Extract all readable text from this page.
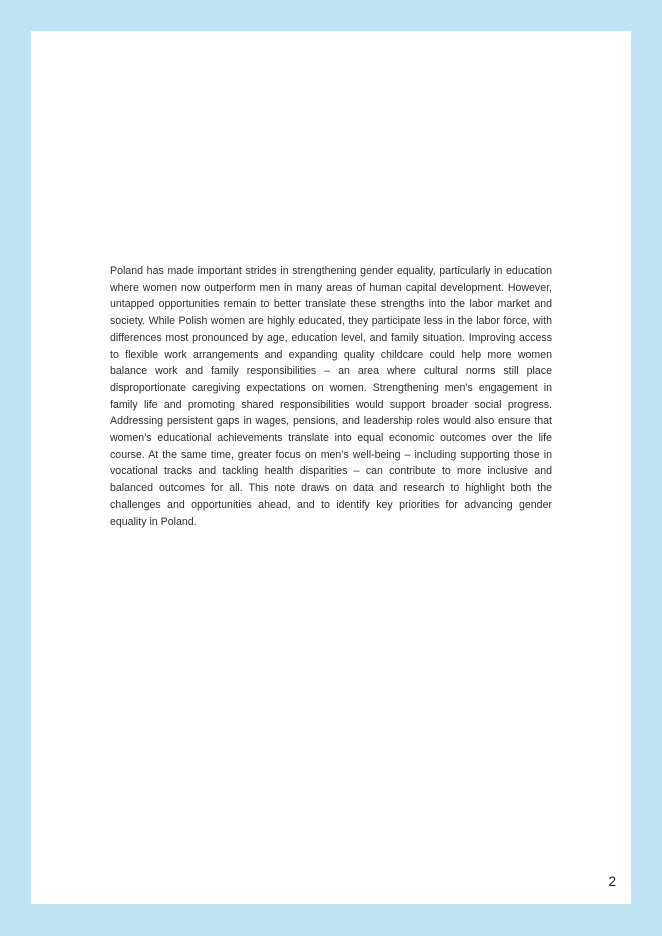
Poland has made important strides in strengthening gender equality, particularly in education where women now outperform men in many areas of human capital development. However, untapped opportunities remain to better translate these strengths into the labor market and society. While Polish women are highly educated, they participate less in the labor force, with differences most pronounced by age, education level, and family situation. Improving access to flexible work arrangements and expanding quality childcare could help more women balance work and family responsibilities – an area where cultural norms still place disproportionate caregiving expectations on women. Strengthening men’s engagement in family life and promoting shared responsibilities would support broader social progress. Addressing persistent gaps in wages, pensions, and leadership roles would also ensure that women’s educational achievements translate into equal economic outcomes over the life course. At the same time, greater focus on men’s well-being – including supporting those in vocational tracks and tackling health disparities – can contribute to more inclusive and balanced outcomes for all. This note draws on data and research to highlight both the challenges and opportunities ahead, and to identify key priorities for advancing gender equality in Poland.

2
